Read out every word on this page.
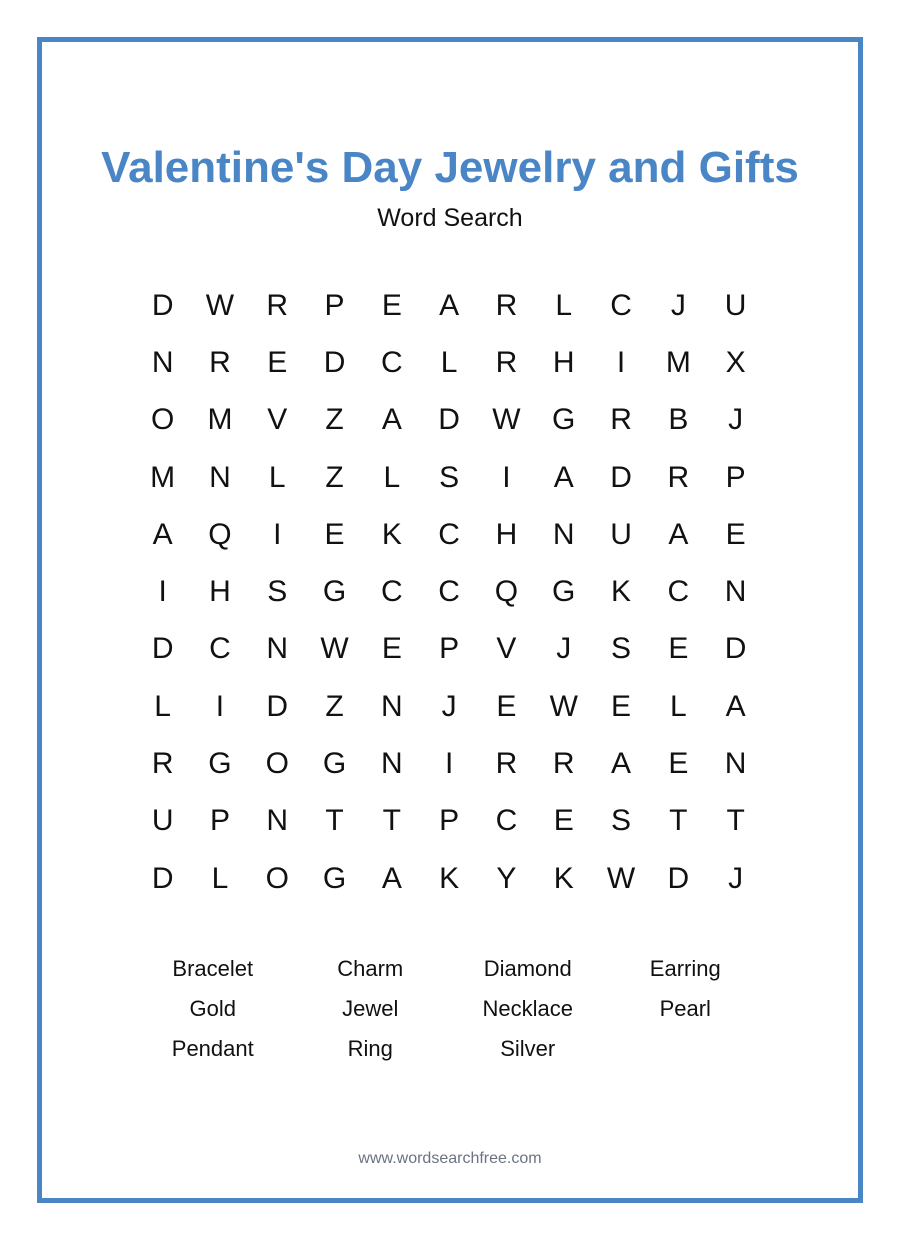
Valentine's Day Jewelry and Gifts
Word Search
D	W	R	P	E	A	R	L	C	J	U
N	R	E	D	C	L	R	H	I	M	X
O	M	V	Z	A	D	W	G	R	B	J
M	N	L	Z	L	S	I	A	D	R	P
A	Q	I	E	K	C	H	N	U	A	E
I	H	S	G	C	C	Q	G	K	C	N
D	C	N	W	E	P	V	J	S	E	D
L	I	D	Z	N	J	E	W	E	L	A
R	G	O	G	N	I	R	R	A	E	N
U	P	N	T	T	P	C	E	S	T	T
D	L	O	G	A	K	Y	K	W	D	J
Bracelet	Charm	Diamond	Earring
Gold	Jewel	Necklace	Pearl
Pendant	Ring	Silver
www.wordsearchfree.com
